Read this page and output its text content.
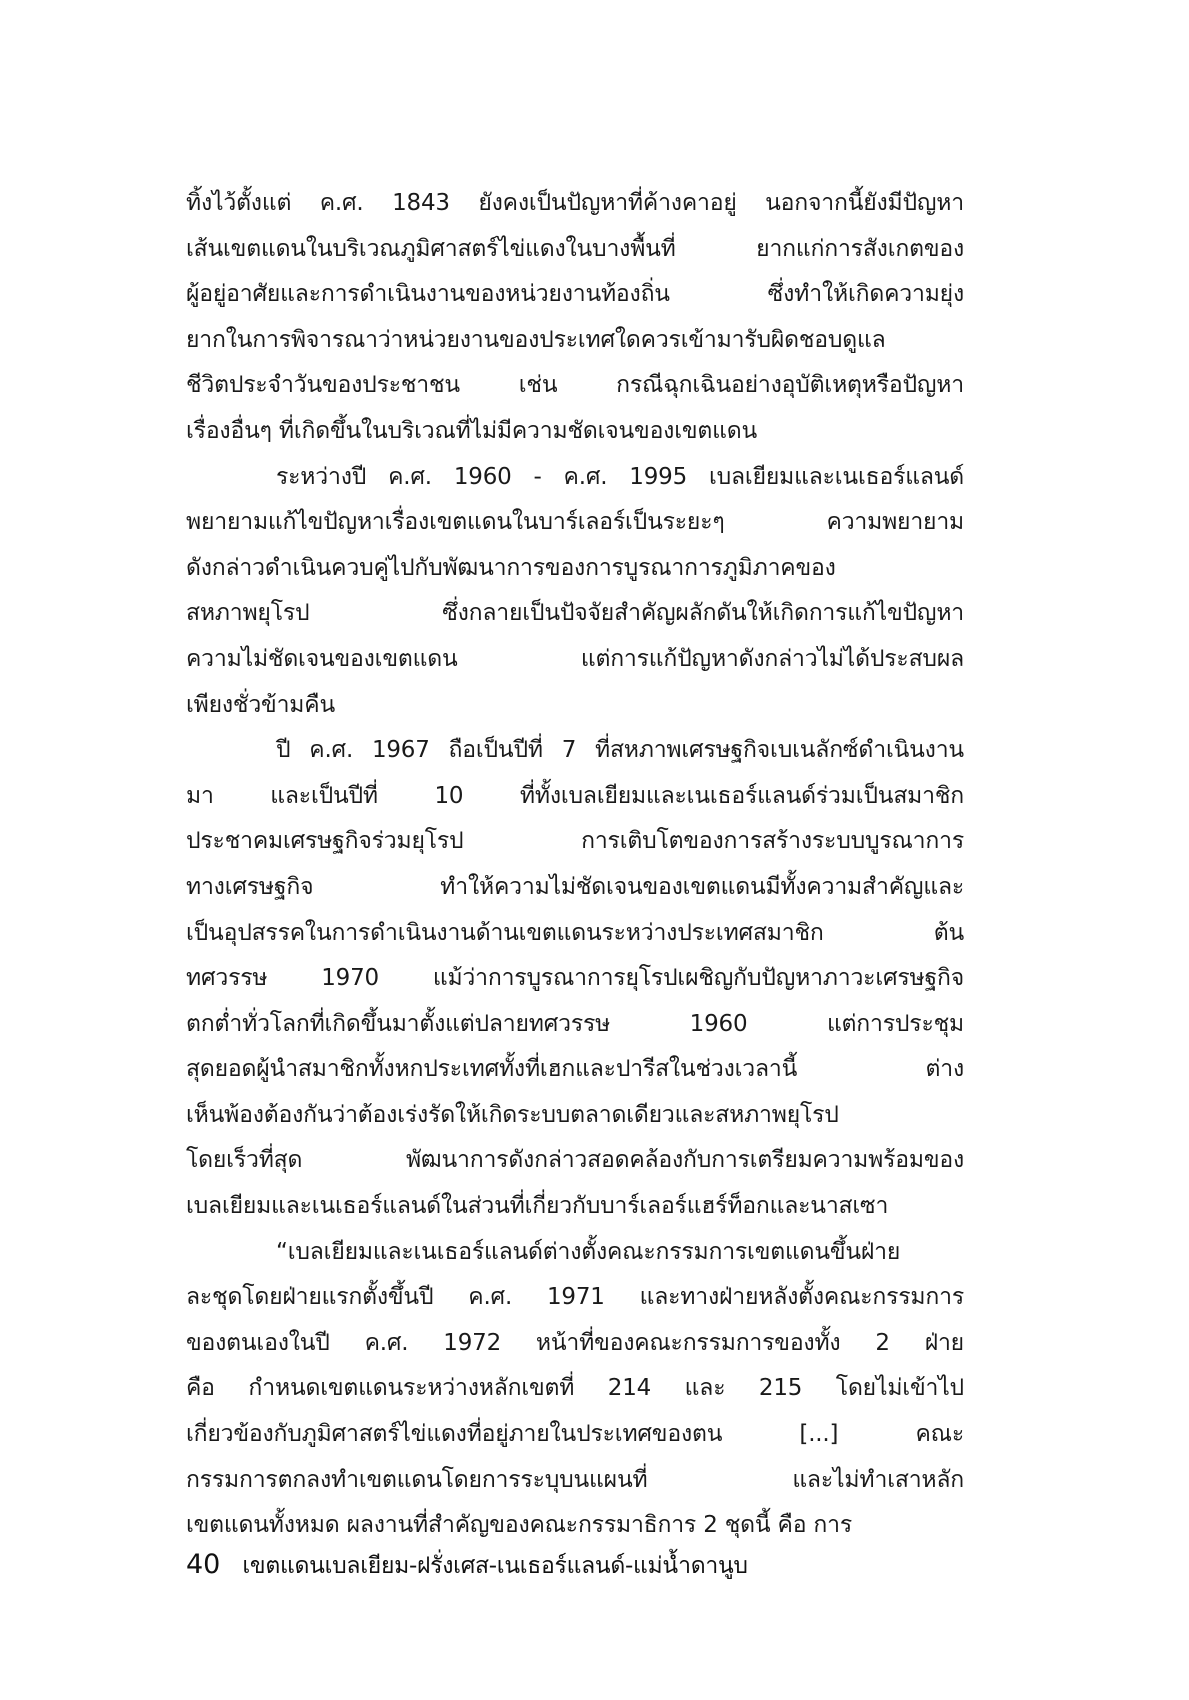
ทิ้งไว้ตั้งแต่ ค.ศ. 1843 ยังคงเป็นปัญหาที่ค้างคาอยู่ นอกจากนี้ยังมีปัญหา
เส้นเขตแดนในบริเวณภูมิศาสตร์ไข่แดงในบางพื้นที่	ยากแก่การสังเกตของ
ผู้อยู่อาศัยและการดำเนินงานของหน่วยงานท้องถิ่น	ซึ่งทำให้เกิดความยุ่ง
ยากในการพิจารณาว่าหน่วยงานของประเทศใดควรเข้ามารับผิดชอบดูแล
ชีวิตประจำวันของประชาชน	เช่น	กรณีฉุกเฉินอย่างอุบัติเหตุหรือปัญหา
เรื่องอื่นๆ ที่เกิดขึ้นในบริเวณที่ไม่มีความชัดเจนของเขตแดน
ระหว่างปี ค.ศ. 1960 - ค.ศ. 1995 เบลเยียมและเนเธอร์แลนด์
พยายามแก้ไขปัญหาเรื่องเขตแดนในบาร์เลอร์เป็นระยะๆ	ความพยายาม
ดังกล่าวดำเนินควบคู่ไปกับพัฒนาการของการบูรณาการภูมิภาคของ
สหภาพยุโรป	ซึ่งกลายเป็นปัจจัยสำคัญผลักดันให้เกิดการแก้ไขปัญหา
ความไม่ชัดเจนของเขตแดน	แต่การแก้ปัญหาดังกล่าวไม่ได้ประสบผล
เพียงชั่วข้ามคืน
ปี ค.ศ. 1967 ถือเป็นปีที่ 7 ที่สหภาพเศรษฐกิจเบเนลักซ์ดำเนินงาน
มา และเป็นปีที่ 10 ที่ทั้งเบลเยียมและเนเธอร์แลนด์ร่วมเป็นสมาชิก
ประชาคมเศรษฐกิจร่วมยุโรป	การเติบโตของการสร้างระบบบูรณาการ
ทางเศรษฐกิจ	ทำให้ความไม่ชัดเจนของเขตแดนมีทั้งความสำคัญและ
เป็นอุปสรรคในการดำเนินงานด้านเขตแดนระหว่างประเทศสมาชิก	ต้น
ทศวรรษ 1970 แม้ว่าการบูรณาการยุโรปเผชิญกับปัญหาภาวะเศรษฐกิจ
ตกต่ำทั่วโลกที่เกิดขึ้นมาตั้งแต่ปลายทศวรรษ	1960	แต่การประชุม
สุดยอดผู้นำสมาชิกทั้งหกประเทศทั้งที่เฮกและปารีสในช่วงเวลานี้	ต่าง
เห็นพ้องต้องกันว่าต้องเร่งรัดให้เกิดระบบตลาดเดียวและสหภาพยุโรป
โดยเร็วที่สุด	พัฒนาการดังกล่าวสอดคล้องกับการเตรียมความพร้อมของ
เบลเยียมและเนเธอร์แลนด์ในส่วนที่เกี่ยวกับบาร์เลอร์แฮร์ท็อกและนาสเซา
“เบลเยียมและเนเธอร์แลนด์ต่างตั้งคณะกรรมการเขตแดนขึ้นฝ่าย
ละชุดโดยฝ่ายแรกตั้งขึ้นปี ค.ศ. 1971 และทางฝ่ายหลังตั้งคณะกรรมการ
ของตนเองในปี ค.ศ. 1972 หน้าที่ของคณะกรรมการของทั้ง 2 ฝ่าย
คือ กำหนดเขตแดนระหว่างหลักเขตที่ 214 และ 215 โดยไม่เข้าไป
เกี่ยวข้องกับภูมิศาสตร์ไข่แดงที่อยู่ภายในประเทศของตน	[...]	คณะ
กรรมการตกลงทำเขตแดนโดยการระบุบนแผนที่	และไม่ทำเสาหลัก
เขตแดนทั้งหมด ผลงานที่สำคัญของคณะกรรมาธิการ 2 ชุดนี้ คือ การ
40 เขตแดนเบลเยียม-ฝรั่งเศส-เนเธอร์แลนด์-แม่น้ำดานูบ
